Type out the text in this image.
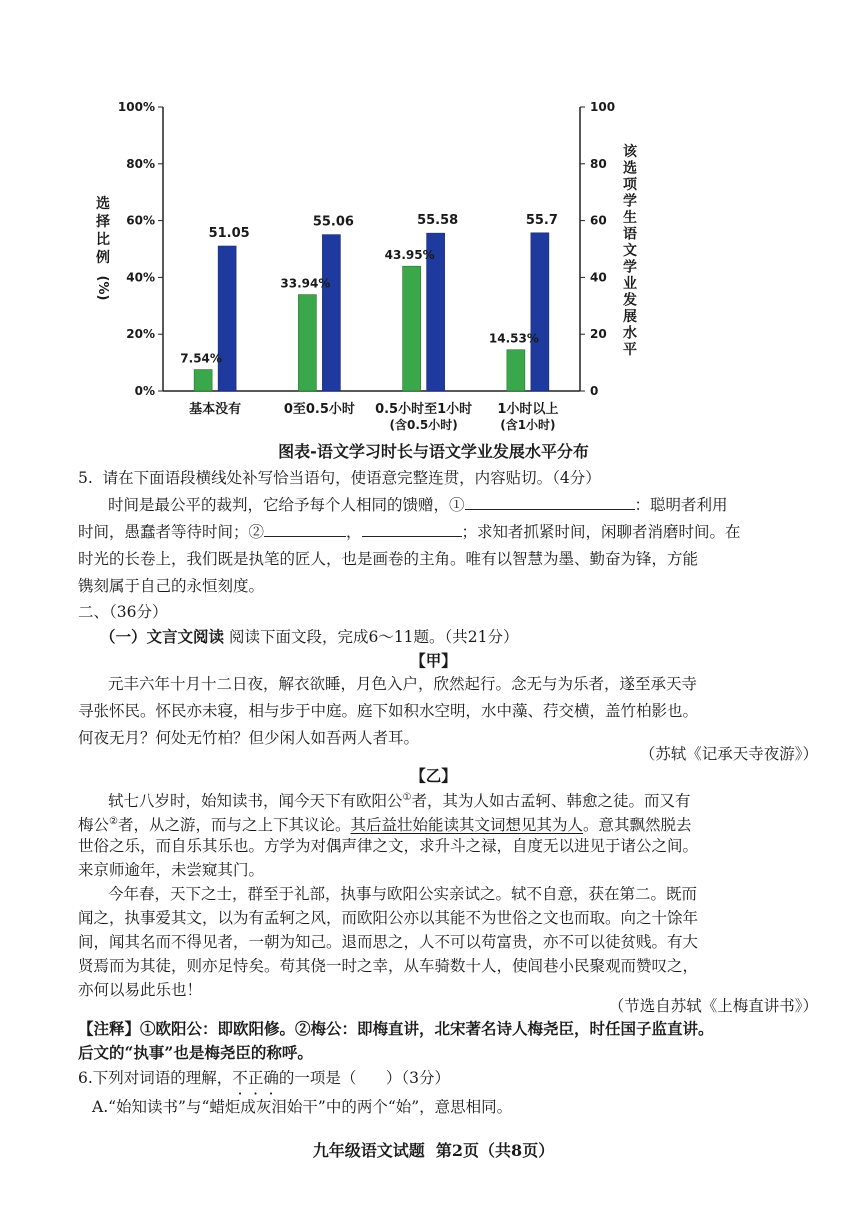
0%
20%
40%
60%
80%
100%
0
20
40
60
80
100
选
择
比
例
(%)
该
选
项
学
生
语
文
学
业
发
展
水
平
7.54%
51.05
基本没有
33.94%
55.06
0至0.5小时
43.95%
55.58
0.5小时至1小时
(含0.5小时)
14.53%
55.7
1小时以上
(含1小时)
图表-语文学习时长与语文学业发展水平分布
5.  请在下面语段横线处补写恰当语句，使语意完整连贯，内容贴切。（4分）
时间是最公平的裁判，它给予每个人相同的馈赠，①	：聪明者利用
时间，愚蠢者等待时间；②	，	；求知者抓紧时间，闲聊者消磨时间。在
时光的长卷上，我们既是执笔的匠人，也是画卷的主角。唯有以智慧为墨、勤奋为锋，方能
镌刻属于自己的永恒刻度。
二、（36分）
（一）文言文阅读 阅读下面文段，完成6～11题。（共21分）
【甲】
元丰六年十月十二日夜，解衣欲睡，月色入户，欣然起行。念无与为乐者，遂至承天寺
寻张怀民。怀民亦未寝，相与步于中庭。庭下如积水空明，水中藻、荇交横，盖竹柏影也。
何夜无月？何处无竹柏？但少闲人如吾两人者耳。
（苏轼《记承天寺夜游》）
【乙】
轼七八岁时，始知读书，闻今天下有欧阳公①者，其为人如古孟轲、韩愈之徒。而又有
梅公②者，从之游，而与之上下其议论。其后益壮始能读其文词想见其为人。意其飘然脱去
世俗之乐，而自乐其乐也。方学为对偶声律之文，求升斗之禄，自度无以进见于诸公之间。
来京师逾年，未尝窥其门。
今年春，天下之士，群至于礼部，执事与欧阳公实亲试之。轼不自意，获在第二。既而
闻之，执事爱其文，以为有孟轲之风，而欧阳公亦以其能不为世俗之文也而取。向之十馀年
间，闻其名而不得见者，一朝为知己。退而思之，人不可以苟富贵，亦不可以徒贫贱。有大
贤焉而为其徒，则亦足恃矣。苟其侥一时之幸，从车骑数十人，使闾巷小民聚观而赞叹之，
亦何以易此乐也！
（节选自苏轼《上梅直讲书》）
【注释】①欧阳公：即欧阳修。②梅公：即梅直讲，北宋著名诗人梅尧臣，时任国子监直讲。
后文的“执事”也是梅尧臣的称呼。
6.下列对词语的理解，不正确的一项是（      ）（3分）
A.“始知读书”与“蜡炬成灰泪始干”中的两个“始”，意思相同。
九年级语文试题  第2页（共8页）
